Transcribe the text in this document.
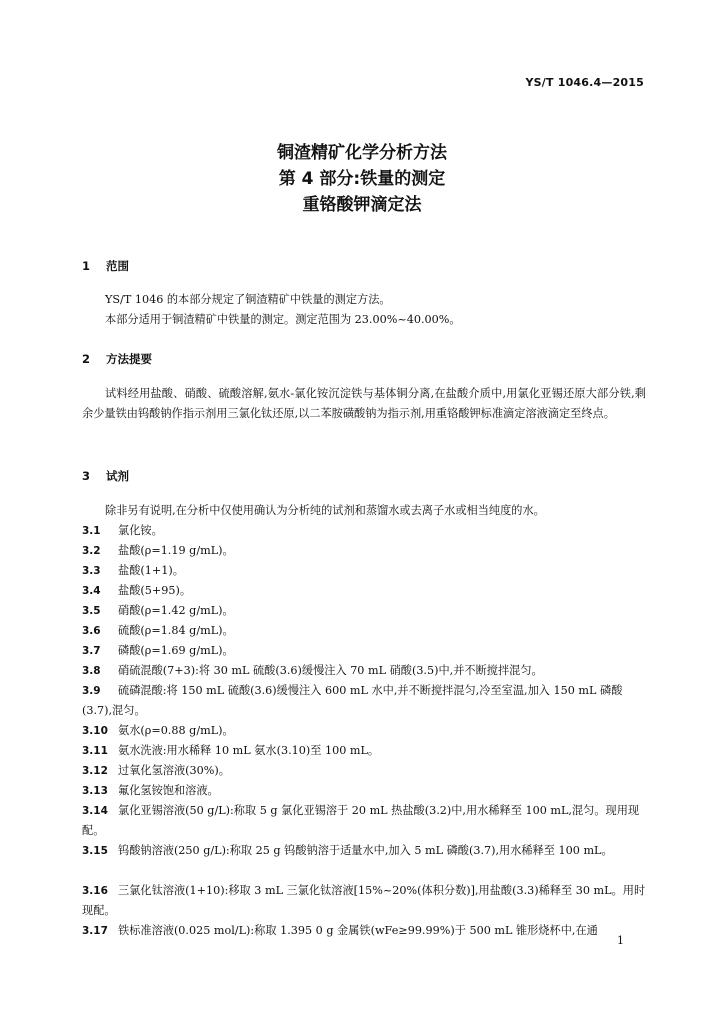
YS/T 1046.4—2015
铜渣精矿化学分析方法
第 4 部分:铁量的测定
重铬酸钾滴定法
1 范围
YS/T 1046 的本部分规定了铜渣精矿中铁量的测定方法。
本部分适用于铜渣精矿中铁量的测定。测定范围为 23.00%~40.00%。
2 方法提要
试料经用盐酸、硝酸、硫酸溶解,氨水-氯化铵沉淀铁与基体铜分离,在盐酸介质中,用氯化亚锡还原大部分铁,剩余少量铁由钨酸钠作指示剂用三氯化钛还原,以二苯胺磺酸钠为指示剂,用重铬酸钾标准滴定溶液滴定至终点。
3 试剂
除非另有说明,在分析中仅使用确认为分析纯的试剂和蒸馏水或去离子水或相当纯度的水。
3.1 氯化铵。
3.2 盐酸(ρ=1.19 g/mL)。
3.3 盐酸(1+1)。
3.4 盐酸(5+95)。
3.5 硝酸(ρ=1.42 g/mL)。
3.6 硫酸(ρ=1.84 g/mL)。
3.7 磷酸(ρ=1.69 g/mL)。
3.8 硝硫混酸(7+3):将 30 mL 硫酸(3.6)缓慢注入 70 mL 硝酸(3.5)中,并不断搅拌混匀。
3.9 硫磷混酸:将 150 mL 硫酸(3.6)缓慢注入 600 mL 水中,并不断搅拌混匀,冷至室温,加入 150 mL 磷酸(3.7),混匀。
3.10 氨水(ρ=0.88 g/mL)。
3.11 氨水洗液:用水稀释 10 mL 氨水(3.10)至 100 mL。
3.12 过氧化氢溶液(30%)。
3.13 氟化氢铵饱和溶液。
3.14 氯化亚锡溶液(50 g/L):称取 5 g 氯化亚锡溶于 20 mL 热盐酸(3.2)中,用水稀释至 100 mL,混匀。现用现配。
3.15 钨酸钠溶液(250 g/L):称取 25 g 钨酸钠溶于适量水中,加入 5 mL 磷酸(3.7),用水稀释至 100 mL。
3.16 三氯化钛溶液(1+10):移取 3 mL 三氯化钛溶液[15%~20%(体积分数)],用盐酸(3.3)稀释至 30 mL。用时现配。
3.17 铁标准溶液(0.025 mol/L):称取 1.395 0 g 金属铁(wFe≥99.99%)于 500 mL 锥形烧杯中,在通
1
